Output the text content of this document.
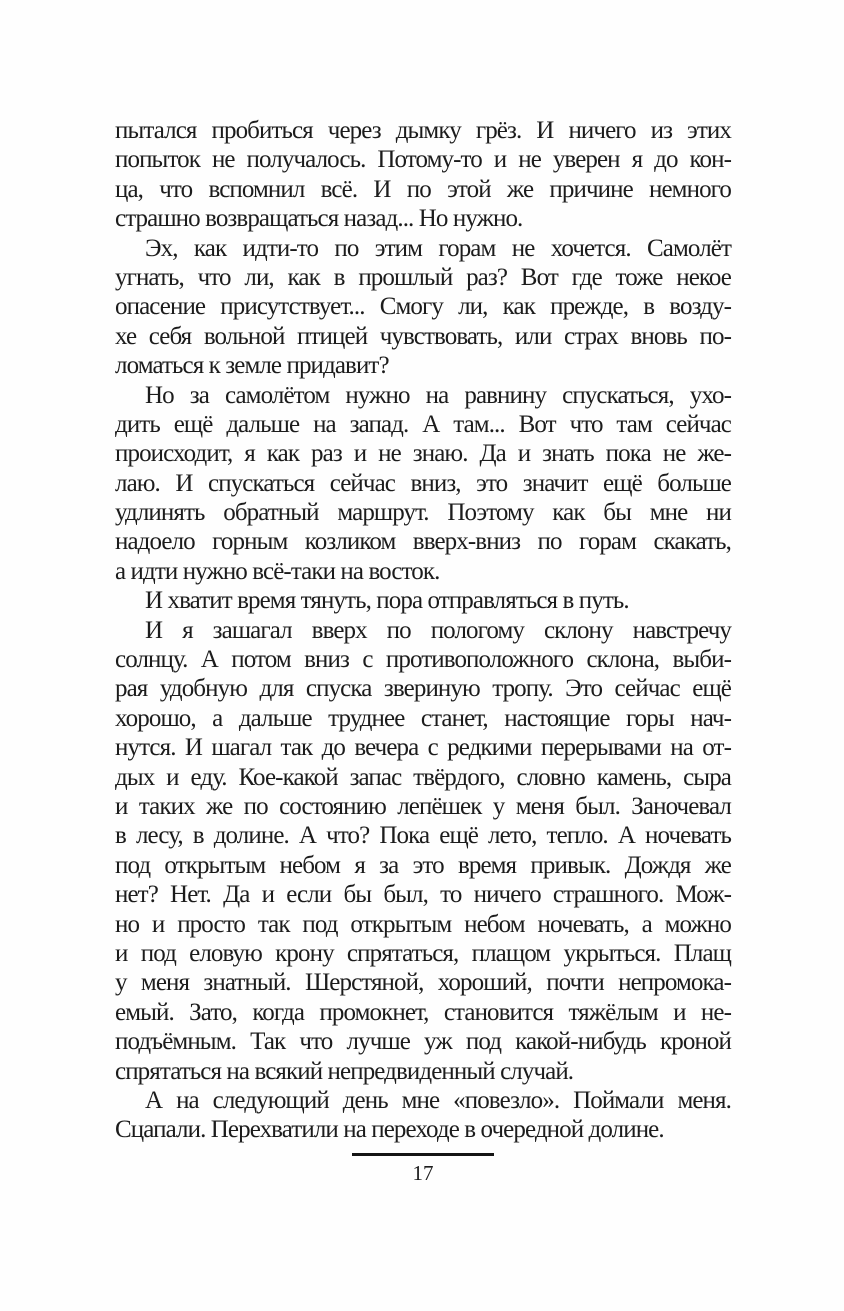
пытался пробиться через дымку грёз. И ничего из этих
попыток не получалось. Потому-то и не уверен я до кон-
ца, что вспомнил всё. И по этой же причине немного
страшно возвращаться назад... Но нужно.
Эх, как идти-то по этим горам не хочется. Самолёт
угнать, что ли, как в прошлый раз? Вот где тоже некое
опасение присутствует... Смогу ли, как прежде, в возду-
хе себя вольной птицей чувствовать, или страх вновь по-
ломаться к земле придавит?
Но за самолётом нужно на равнину спускаться, ухо-
дить ещё дальше на запад. А там... Вот что там сейчас
происходит, я как раз и не знаю. Да и знать пока не же-
лаю. И спускаться сейчас вниз, это значит ещё больше
удлинять обратный маршрут. Поэтому как бы мне ни
надоело горным козликом вверх-вниз по горам скакать,
а идти нужно всё-таки на восток.
И хватит время тянуть, пора отправляться в путь.
И я зашагал вверх по пологому склону навстречу
солнцу. А потом вниз с противоположного склона, выби-
рая удобную для спуска звериную тропу. Это сейчас ещё
хорошо, а дальше труднее станет, настоящие горы нач-
нутся. И шагал так до вечера с редкими перерывами на от-
дых и еду. Кое-какой запас твёрдого, словно камень, сыра
и таких же по состоянию лепёшек у меня был. Заночевал
в лесу, в долине. А что? Пока ещё лето, тепло. А ночевать
под открытым небом я за это время привык. Дождя же
нет? Нет. Да и если бы был, то ничего страшного. Мож-
но и просто так под открытым небом ночевать, а можно
и под еловую крону спрятаться, плащом укрыться. Плащ
у меня знатный. Шерстяной, хороший, почти непромока-
емый. Зато, когда промокнет, становится тяжёлым и не-
подъёмным. Так что лучше уж под какой-нибудь кроной
спрятаться на всякий непредвиденный случай.
А на следующий день мне «повезло». Поймали меня.
Сцапали. Перехватили на переходе в очередной долине.
17
